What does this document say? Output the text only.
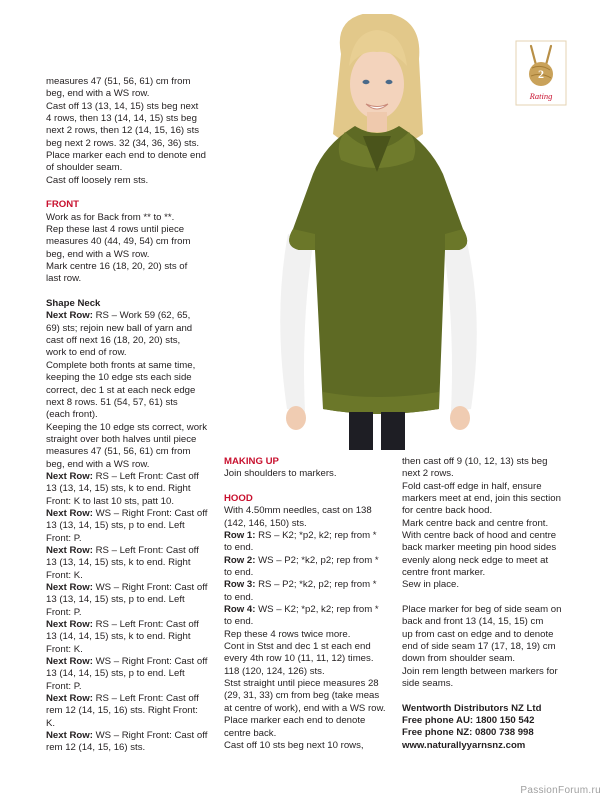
measures 47 (51, 56, 61) cm from

beg, end with a WS row.

Cast off 13 (13, 14, 15) sts beg next

4 rows, then 13 (14, 14, 15) sts beg

next 2 rows, then 12 (14, 15, 16) sts

beg next 2 rows. 32 (34, 36, 36) sts.

Place marker each end to denote end

of shoulder seam.

Cast off loosely rem sts.

FRONT

Work as for Back from ** to **.

Rep these last 4 rows until piece

measures 40 (44, 49, 54) cm from

beg, end with a WS row.

Mark centre 16 (18, 20, 20) sts of

last row.

Shape Neck

Next Row: RS – Work 59 (62, 65,

69) sts; rejoin new ball of yarn and

cast off next 16 (18, 20, 20) sts,

work to end of row.

Complete both fronts at same time,

keeping the 10 edge sts each side

correct, dec 1 st at each neck edge

next 8 rows. 51 (54, 57, 61) sts

(each front).

Keeping the 10 edge sts correct, work

straight over both halves until piece

measures 47 (51, 56, 61) cm from

beg, end with a WS row.

Next Row: RS – Left Front: Cast off

13 (13, 14, 15) sts, k to end. Right

Front: K to last 10 sts, patt 10.

Next Row: WS – Right Front: Cast off

13 (13, 14, 15) sts, p to end. Left

Front: P.

Next Row: RS – Left Front: Cast off

13 (13, 14, 15) sts, k to end. Right

Front: K.

Next Row: WS – Right Front: Cast off

13 (13, 14, 15) sts, p to end. Left

Front: P.

Next Row: RS – Left Front: Cast off

13 (14, 14, 15) sts, k to end. Right

Front: K.

Next Row: WS – Right Front: Cast off

13 (14, 14, 15) sts, p to end. Left

Front: P.

Next Row: RS – Left Front: Cast off

rem 12 (14, 15, 16) sts. Right Front:

K.

Next Row: WS – Right Front: Cast off

rem 12 (14, 15, 16) sts.

MAKING UP

Join shoulders to markers.

HOOD

With 4.50mm needles, cast on 138

(142, 146, 150) sts.

Row 1: RS – K2; *p2, k2; rep from *

to end.

Row 2: WS – P2; *k2, p2; rep from *

to end.

Row 3: RS – P2; *k2, p2; rep from *

to end.

Row 4: WS – K2; *p2, k2; rep from *

to end.

Rep these 4 rows twice more.

Cont in Stst and dec 1 st each end

every 4th row 10 (11, 11, 12) times.

118 (120, 124, 126) sts.

Stst straight until piece measures 28

(29, 31, 33) cm from beg (take meas

at centre of work), end with a WS row.

Place marker each end to denote

centre back.

Cast off 10 sts beg next 10 rows,

then cast off 9 (10, 12, 13) sts beg

next 2 rows.

Fold cast-off edge in half, ensure

markers meet at end, join this section

for centre back hood.

Mark centre back and centre front.

With centre back of hood and centre

back marker meeting pin hood sides

evenly along neck edge to meet at

centre front marker.

Sew in place.

Place marker for beg of side seam on

back and front 13 (14, 15, 15) cm

up from cast on edge and to denote

end of side seam 17 (17, 18, 19) cm

down from shoulder seam.

Join rem length between markers for

side seams.

Wentworth Distributors NZ Ltd

Free phone AU: 1800 150 542

Free phone NZ: 0800 738 998

www.naturallyyarnsnz.com

2
Rating
PassionForum.ru
